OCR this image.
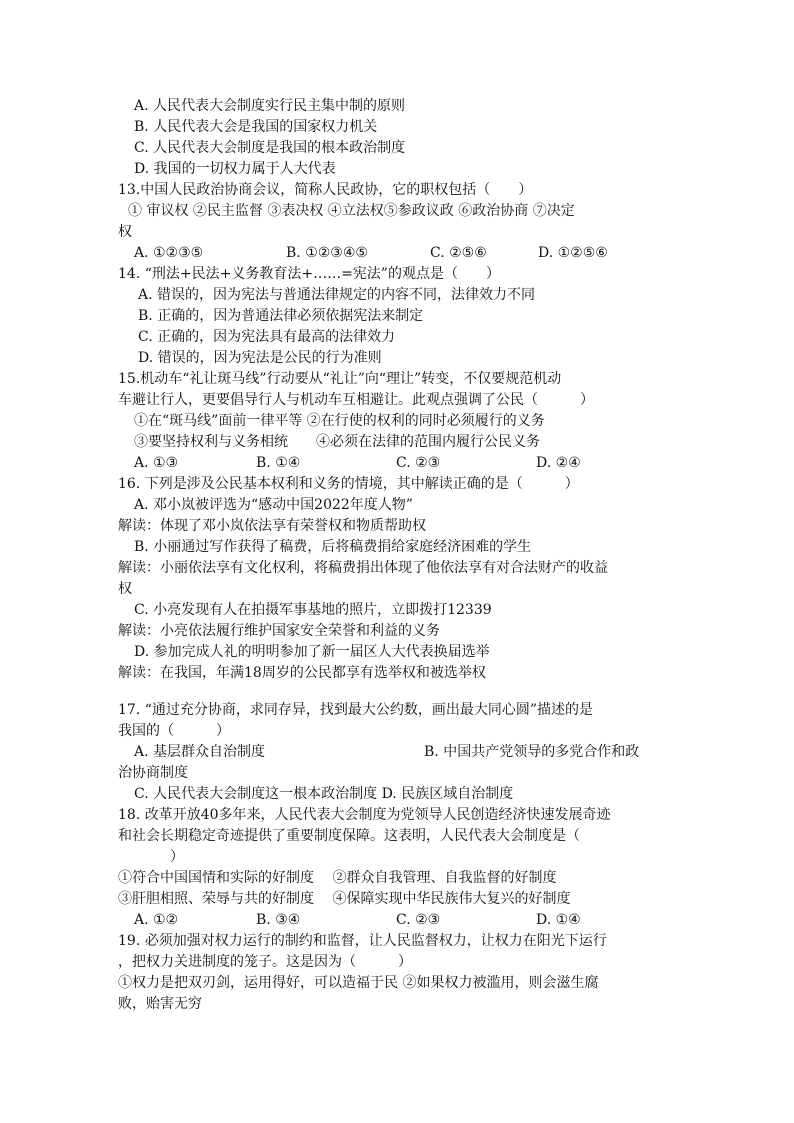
A. 人民代表大会制度实行民主集中制的原则
B. 人民代表大会是我国的国家权力机关
C. 人民代表大会制度是我国的根本政治制度
D. 我国的一切权力属于人大代表
13.中国人民政治协商会议，简称人民政协，它的职权包括（　　）
① 审议权 ②民主监督 ③表决权 ④立法权⑤参政议政 ⑥政治协商 ⑦决定
权
A. ①②③⑤	B. ①②③④⑤	C. ②⑤⑥	D. ①②⑤⑥
14. “刑法+民法+义务教育法+……=宪法”的观点是（　　）
A. 错误的，因为宪法与普通法律规定的内容不同，法律效力不同
B. 正确的，因为普通法律必须依据宪法来制定
C. 正确的，因为宪法具有最高的法律效力
D. 错误的，因为宪法是公民的行为准则
15.机动车“礼让斑马线”行动要从“礼让”向“理让”转变，不仅要规范机动
车避让行人，更要倡导行人与机动车互相避让。此观点强调了公民（　　　）
①在“斑马线”面前一律平等 ②在行使的权利的同时必须履行的义务
③要坚持权利与义务相统　　④必须在法律的范围内履行公民义务
A. ①③	B. ①④	C. ②③	D. ②④
16. 下列是涉及公民基本权利和义务的情境，其中解读正确的是（　　　）
A. 邓小岚被评选为“感动中国2022年度人物”
解读：体现了邓小岚依法享有荣誉权和物质帮助权
B. 小丽通过写作获得了稿费，后将稿费捐给家庭经济困难的学生
解读：小丽依法享有文化权利，将稿费捐出体现了他依法享有对合法财产的收益
权
C. 小亮发现有人在拍摄军事基地的照片，立即拨打12339
解读：小亮依法履行维护国家安全荣誉和利益的义务
D. 参加完成人礼的明明参加了新一届区人大代表换届选举
解读：在我国，年满18周岁的公民都享有选举权和被选举权
17. “通过充分协商，求同存异，找到最大公约数，画出最大同心圆”描述的是
我国的（　　　）
A. 基层群众自治制度	B. 中国共产党领导的多党合作和政
治协商制度
C. 人民代表大会制度这一根本政治制度 D. 民族区域自治制度
18. 改革开放40多年来，人民代表大会制度为党领导人民创造经济快速发展奇迹
和社会长期稳定奇迹提供了重要制度保障。这表明，人民代表大会制度是（
）
①符合中国国情和实际的好制度　 ②群众自我管理、自我监督的好制度
③肝胆相照、荣辱与共的好制度　 ④保障实现中华民族伟大复兴的好制度
A. ①②	B. ③④	C. ②③	D. ①④
19. 必须加强对权力运行的制约和监督，让人民监督权力，让权力在阳光下运行
，把权力关进制度的笼子。这是因为（　　　）
①权力是把双刃剑，运用得好，可以造福于民 ②如果权力被滥用，则会滋生腐
败，贻害无穷
